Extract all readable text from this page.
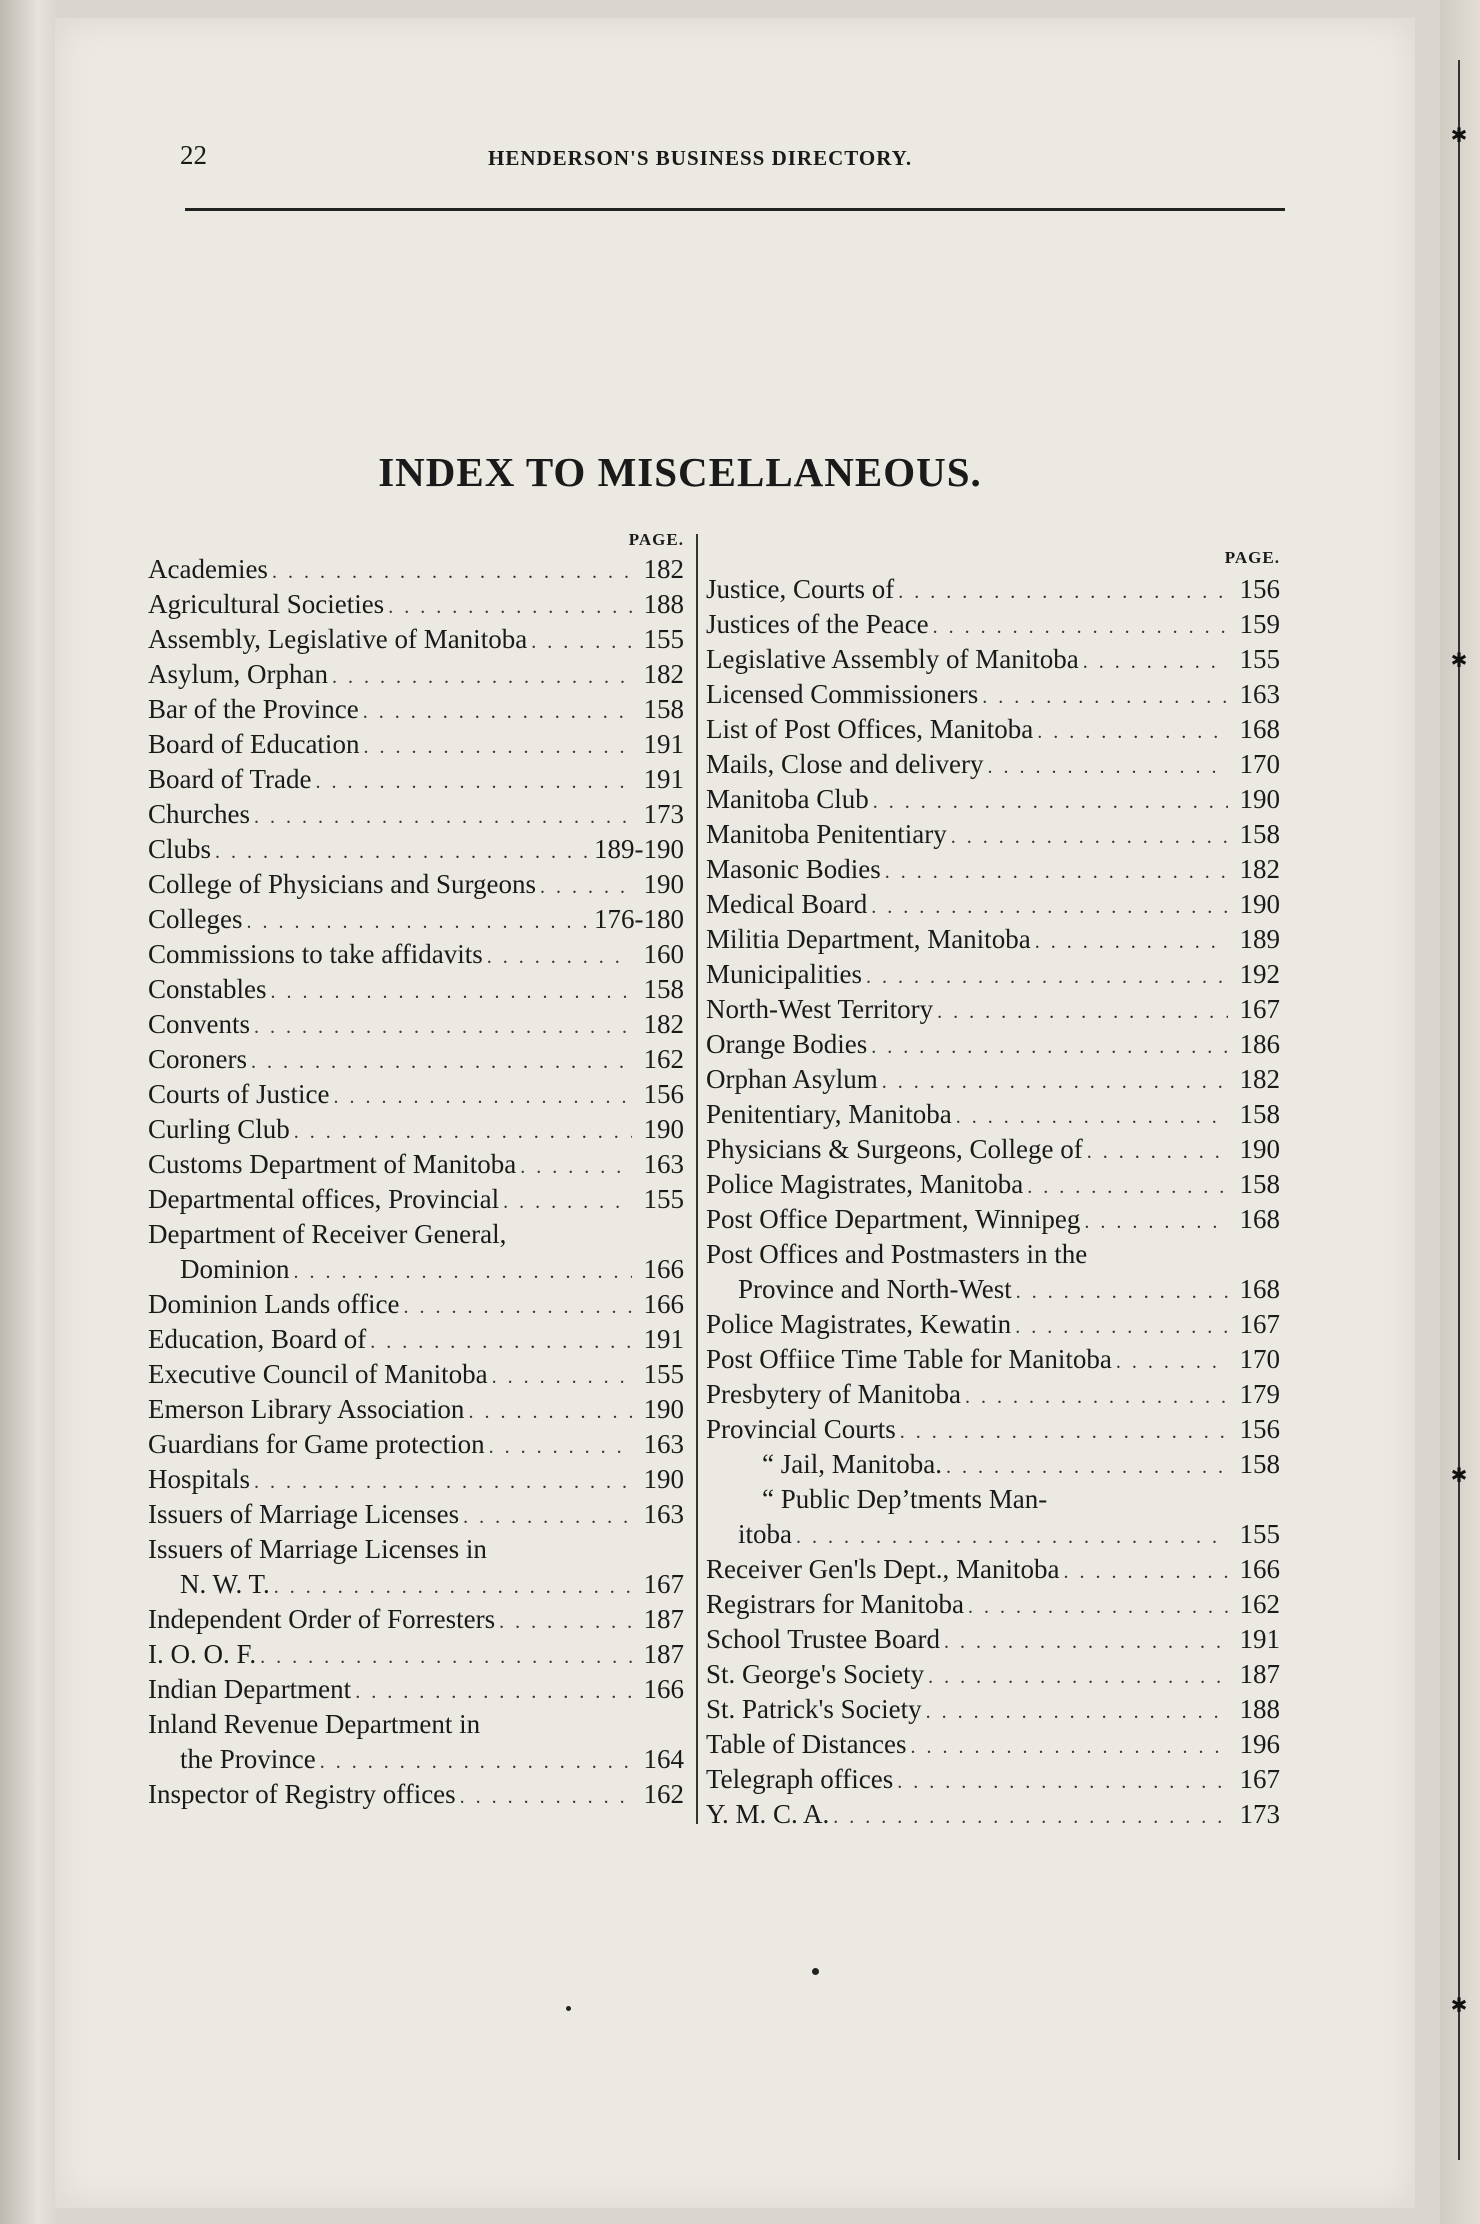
✱
✱
✱
✱
22	HENDERSON'S BUSINESS DIRECTORY.
INDEX TO MISCELLANEOUS.
PAGE.
Academies . . .	182
Agricultural Societies . . .	188
Assembly, Legislative of Manitoba . . .	155
Asylum, Orphan . . .	182
Bar of the Province . . .	158
Board of Education . . .	191
Board of Trade . . .	191
Churches . . .	173
Clubs . . .	189-190
College of Physicians and Surgeons . . .	190
Colleges . . .	176-180
Commissions to take affidavits . . .	160
Constables . . .	158
Convents . . .	182
Coroners . . .	162
Courts of Justice . . .	156
Curling Club . . .	190
Customs Department of Manitoba . . .	163
Departmental offices, Provincial . . .	155
Department of Receiver General,
Dominion . . .	166
Dominion Lands office . . .	166
Education, Board of . . .	191
Executive Council of Manitoba . . .	155
Emerson Library Association . . .	190
Guardians for Game protection . . .	163
Hospitals . . .	190
Issuers of Marriage Licenses . . .	163
Issuers of Marriage Licenses in
N. W. T. . . .	167
Independent Order of Forresters . . .	187
I. O. O. F. . . .	187
Indian Department . . .	166
Inland Revenue Department in
the Province . . .	164
Inspector of Registry offices . . .	162
PAGE.
Justice, Courts of . . .	156
Justices of the Peace . . .	159
Legislative Assembly of Manitoba . . .	155
Licensed Commissioners . . .	163
List of Post Offices, Manitoba . . .	168
Mails, Close and delivery . . .	170
Manitoba Club . . .	190
Manitoba Penitentiary . . .	158
Masonic Bodies . . .	182
Medical Board . . .	190
Militia Department, Manitoba . . .	189
Municipalities . . .	192
North-West Territory . . .	167
Orange Bodies . . .	186
Orphan Asylum . . .	182
Penitentiary, Manitoba . . .	158
Physicians & Surgeons, College of . . .	190
Police Magistrates, Manitoba . . .	158
Post Office Department, Winnipeg . . .	168
Post Offices and Postmasters in the
Province and North-West . . .	168
Police Magistrates, Kewatin . . .	167
Post Offiice Time Table for Manitoba . . .	170
Presbytery of Manitoba . . .	179
Provincial Courts . . .	156
“ Jail, Manitoba. . . .	158
“ Public Dep’tments Man-
itoba . . .	155
Receiver Gen'ls Dept., Manitoba . . .	166
Registrars for Manitoba . . .	162
School Trustee Board . . .	191
St. George's Society . . .	187
St. Patrick's Society . . .	188
Table of Distances . . .	196
Telegraph offices . . .	167
Y. M. C. A. . . .	173
